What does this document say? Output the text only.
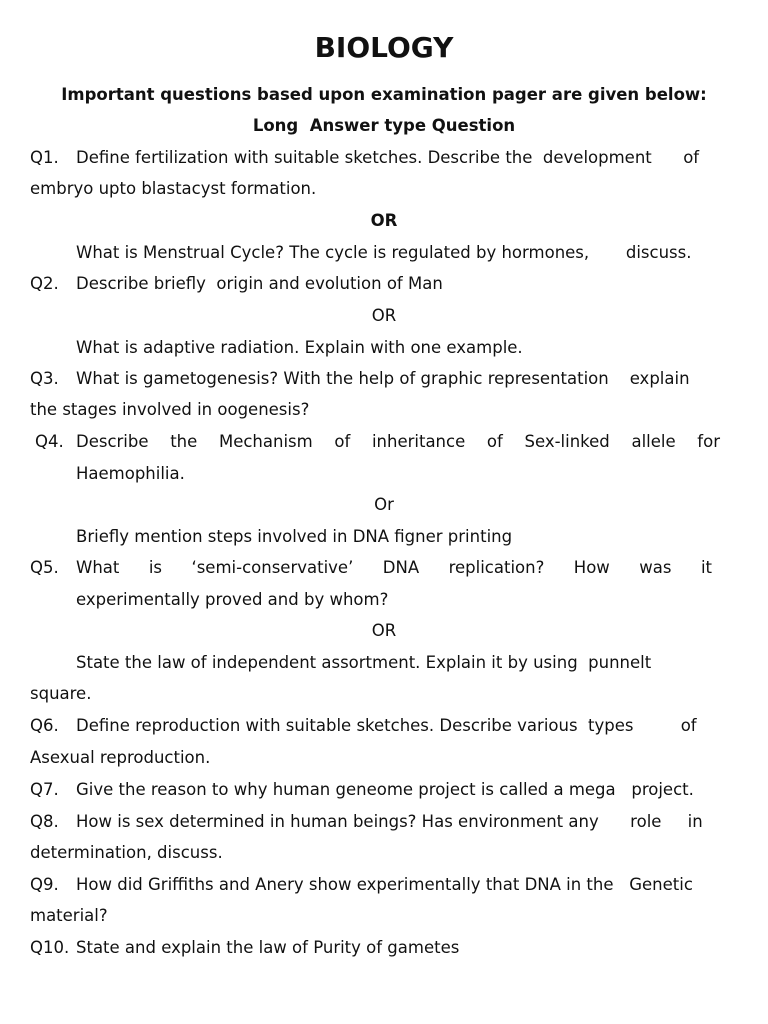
BIOLOGY
Important questions based upon examination pager are given below:
Long  Answer type Question
Q1. Define fertilization with suitable sketches. Describe the  development      of
embryo upto blastacyst formation.
OR
What is Menstrual Cycle? The cycle is regulated by hormones,       discuss.
Q2. Describe briefly  origin and evolution of Man
OR
What is adaptive radiation. Explain with one example.
Q3. What is gametogenesis? With the help of graphic representation    explain
the stages involved in oogenesis?
Q4. Describe the Mechanism of inheritance of Sex-linked allele for
Haemophilia.
Or
Briefly mention steps involved in DNA figner printing
Q5. What is ‘semi-conservative’ DNA replication? How was it
experimentally proved and by whom?
OR
State the law of independent assortment. Explain it by using  punnelt
square.
Q6. Define reproduction with suitable sketches. Describe various  types         of
Asexual reproduction.
Q7. Give the reason to why human geneome project is called a mega   project.
Q8. How is sex determined in human beings? Has environment any      role     in
determination, discuss.
Q9. How did Griffiths and Anery show experimentally that DNA in the   Genetic
material?
Q10. State and explain the law of Purity of gametes
